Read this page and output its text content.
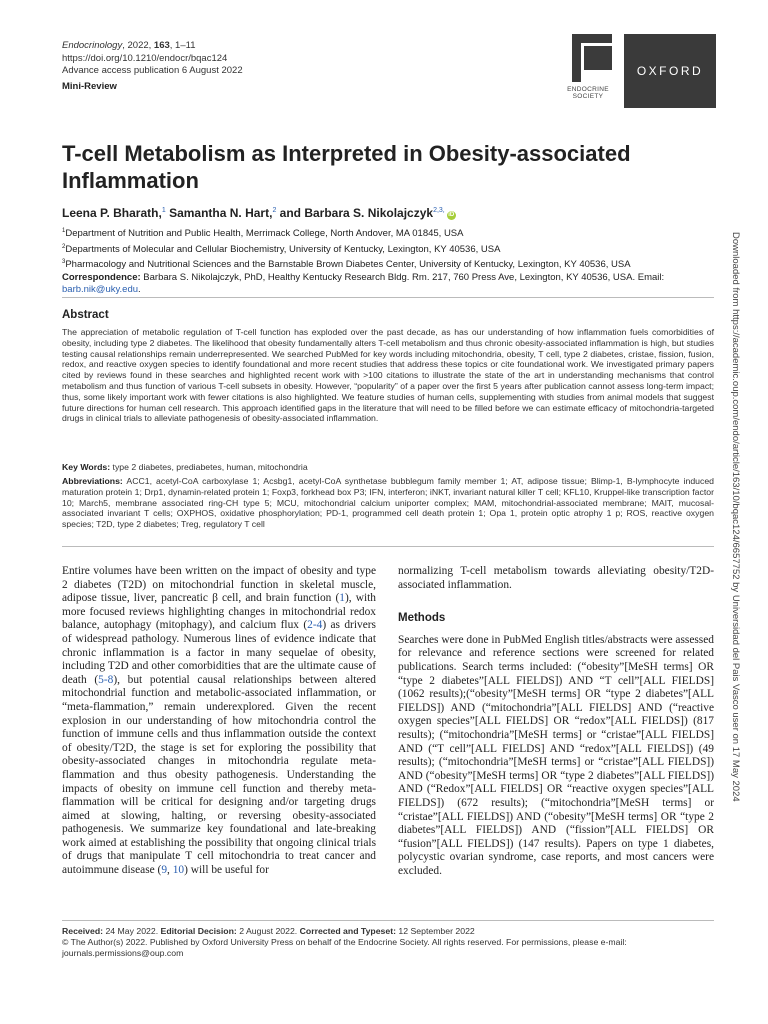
Endocrinology, 2022, 163, 1–11
https://doi.org/10.1210/endocr/bqac124
Advance access publication 6 August 2022
Mini-Review	ENDOCRINE SOCIETY
OXFORD
T-cell Metabolism as Interpreted in Obesity-associated Inflammation
Leena P. Bharath,$^1$ Samantha N. Hart,$^2$ and Barbara S. Nikolajczyk$^{2,3,}$iD
$^1$Department of Nutrition and Public Health, Merrimack College, North Andover, MA 01845, USA
$^2$Departments of Molecular and Cellular Biochemistry, University of Kentucky, Lexington, KY 40536, USA
$^3$Pharmacology and Nutritional Sciences and the Barnstable Brown Diabetes Center, University of Kentucky, Lexington, KY 40536, USA
Correspondence: Barbara S. Nikolajczyk, PhD, Healthy Kentucky Research Bldg. Rm. 217, 760 Press Ave, Lexington, KY 40536, USA. Email: barb.nik@uky.edu.
Abstract
The appreciation of metabolic regulation of T-cell function has exploded over the past decade, as has our understanding of how inflammation fuels comorbidities of obesity, including type 2 diabetes. The likelihood that obesity fundamentally alters T-cell metabolism and thus chronic obesity-associated inflammation is high, but studies testing causal relationships remain underrepresented. We searched PubMed for key words including mitochondria, obesity, T cell, type 2 diabetes, cristae, fission, fusion, redox, and reactive oxygen species to identify foundational and more recent studies that address these topics or cite foundational work. We investigated primary papers cited by reviews found in these searches and highlighted recent work with >100 citations to illustrate the state of the art in understanding mechanisms that control metabolism and thus function of various T-cell subsets in obesity. However, “popularity” of a paper over the first 5 years after publication cannot assess long-term impact; thus, some likely important work with fewer citations is also highlighted. We feature studies of human cells, supplementing with studies from animal models that suggest future directions for human cell research. This approach identified gaps in the literature that will need to be filled before we can estimate efficacy of mitochondria-targeted drugs in clinical trials to alleviate pathogenesis of obesity-associated inflammation.
Key Words: type 2 diabetes, prediabetes, human, mitochondria
Abbreviations: ACC1, acetyl-CoA carboxylase 1; Acsbg1, acetyl-CoA synthetase bubblegum family member 1; AT, adipose tissue; Blimp-1, B-lymphocyte induced maturation protein 1; Drp1, dynamin-related protein 1; Foxp3, forkhead box P3; IFN, interferon; iNKT, invariant natural killer T cell; KFL10, Kruppel-like transcription factor 10; March5, membrane associated ring-CH type 5; MCU, mitochondrial calcium uniporter complex; MAM, mitochondrial-associated membrane; MAIT, mucosal-associated invariant T cells; OXPHOS, oxidative phosphorylation; PD-1, programmed cell death protein 1; Opa 1, protein optic atrophy 1 p; ROS, reactive oxygen species; T2D, type 2 diabetes; Treg, regulatory T cell

Entire volumes have been written on the impact of obesity and type 2 diabetes (T2D) on mitochondrial function in skeletal muscle, adipose tissue, liver, pancreatic β cell, and brain function (1), with more focused reviews highlighting changes in mitochondrial redox balance, autophagy (mitophagy), and calcium flux (2-4) as drivers of widespread pathology. Numerous lines of evidence indicate that chronic inflammation is a factor in many sequelae of obesity, including T2D and other comorbidities that are the ultimate cause of death (5-8), but potential causal relationships between altered mitochondrial function and metabolic-associated inflammation, or “meta-flammation,” remain underexplored. Given the recent explosion in our understanding of how mitochondria control the function of immune cells and thus inflammation outside the context of obesity/T2D, the stage is set for exploring the possibility that obesity-associated changes in mitochondria regulate meta-flammation and thus obesity pathogenesis. Understanding the impacts of obesity on immune cell function and thereby meta-flammation will be critical for designing and/or targeting drugs aimed at slowing, halting, or reversing obesity-associated pathogenesis. We summarize key foundational and late-breaking work aimed at establishing the possibility that ongoing clinical trials of drugs that manipulate T cell mitochondria to treat cancer and autoimmune disease (9, 10) will be useful for

normalizing T-cell metabolism towards alleviating obesity/T2D-associated inflammation.

Methods

Searches were done in PubMed English titles/abstracts were assessed for relevance and reference sections were screened for related publications. Search terms included: (“obesity”[MeSH terms] OR “type 2 diabetes”[ALL FIELDS]) AND “T cell”[ALL FIELDS] (1062 results);(“obesity”[MeSH terms] OR “type 2 diabetes”[ALL FIELDS]) AND (“mitochondria”[ALL FIELDS] AND (“reactive oxygen species”[ALL FIELDS] OR “redox”[ALL FIELDS]) (817 results); (“mitochondria”[MeSH terms] or “cristae”[ALL FIELDS] AND (“T cell”[ALL FIELDS] AND “redox”[ALL FIELDS]) (49 results); (“mitochondria”[MeSH terms] or “cristae”[ALL FIELDS]) AND (“obesity”[MeSH terms] OR “type 2 diabetes”[ALL FIELDS]) AND (“Redox”[ALL FIELDS] OR “reactive oxygen species”[ALL FIELDS]) (672 results); (“mitochondria”[MeSH terms] or “cristae”[ALL FIELDS]) AND (“obesity”[MeSH terms] OR “type 2 diabetes”[ALL FIELDS]) AND (“fission”[ALL FIELDS] OR “fusion”[ALL FIELDS]) (147 results). Papers on type 1 diabetes, polycystic ovarian syndrome, case reports, and most cancers were excluded.

Received: 24 May 2022. Editorial Decision: 2 August 2022. Corrected and Typeset: 12 September 2022
© The Author(s) 2022. Published by Oxford University Press on behalf of the Endocrine Society. All rights reserved. For permissions, please e-mail: journals.permissions@oup.com
Downloaded from https://academic.oup.com/endo/article/163/10/bqac124/6657752 by Universidad del Pais Vasco user on 17 May 2024
